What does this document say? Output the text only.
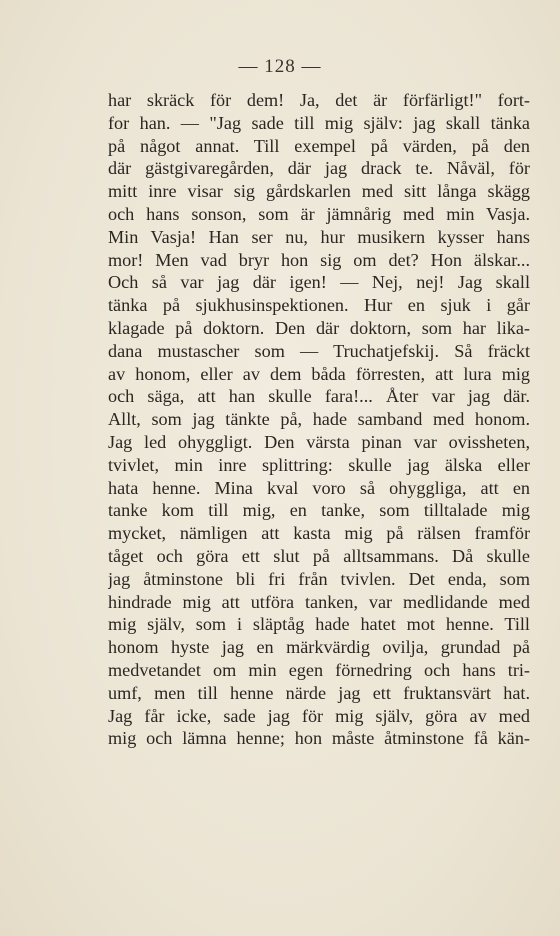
— 128 —
har skräck för dem! Ja, det är förfärligt!" fort-
for han. — "Jag sade till mig själv: jag skall tänka
på något annat. Till exempel på värden, på den
där gästgivaregården, där jag drack te. Nåväl, för
mitt inre visar sig gårdskarlen med sitt långa skägg
och hans sonson, som är jämnårig med min Vasja.
Min Vasja! Han ser nu, hur musikern kysser hans
mor! Men vad bryr hon sig om det? Hon älskar...
Och så var jag där igen! — Nej, nej! Jag skall
tänka på sjukhusinspektionen. Hur en sjuk i går
klagade på doktorn. Den där doktorn, som har lika-
dana mustascher som — Truchatjefskij. Så fräckt
av honom, eller av dem båda förresten, att lura mig
och säga, att han skulle fara!... Åter var jag där.
Allt, som jag tänkte på, hade samband med honom.
Jag led ohyggligt. Den värsta pinan var ovissheten,
tvivlet, min inre splittring: skulle jag älska eller
hata henne. Mina kval voro så ohyggliga, att en
tanke kom till mig, en tanke, som tilltalade mig
mycket, nämligen att kasta mig på rälsen framför
tåget och göra ett slut på alltsammans. Då skulle
jag åtminstone bli fri från tvivlen. Det enda, som
hindrade mig att utföra tanken, var medlidande med
mig själv, som i släptåg hade hatet mot henne. Till
honom hyste jag en märkvärdig ovilja, grundad på
medvetandet om min egen förnedring och hans tri-
umf, men till henne närde jag ett fruktansvärt hat.
Jag får icke, sade jag för mig själv, göra av med
mig och lämna henne; hon måste åtminstone få kän-
